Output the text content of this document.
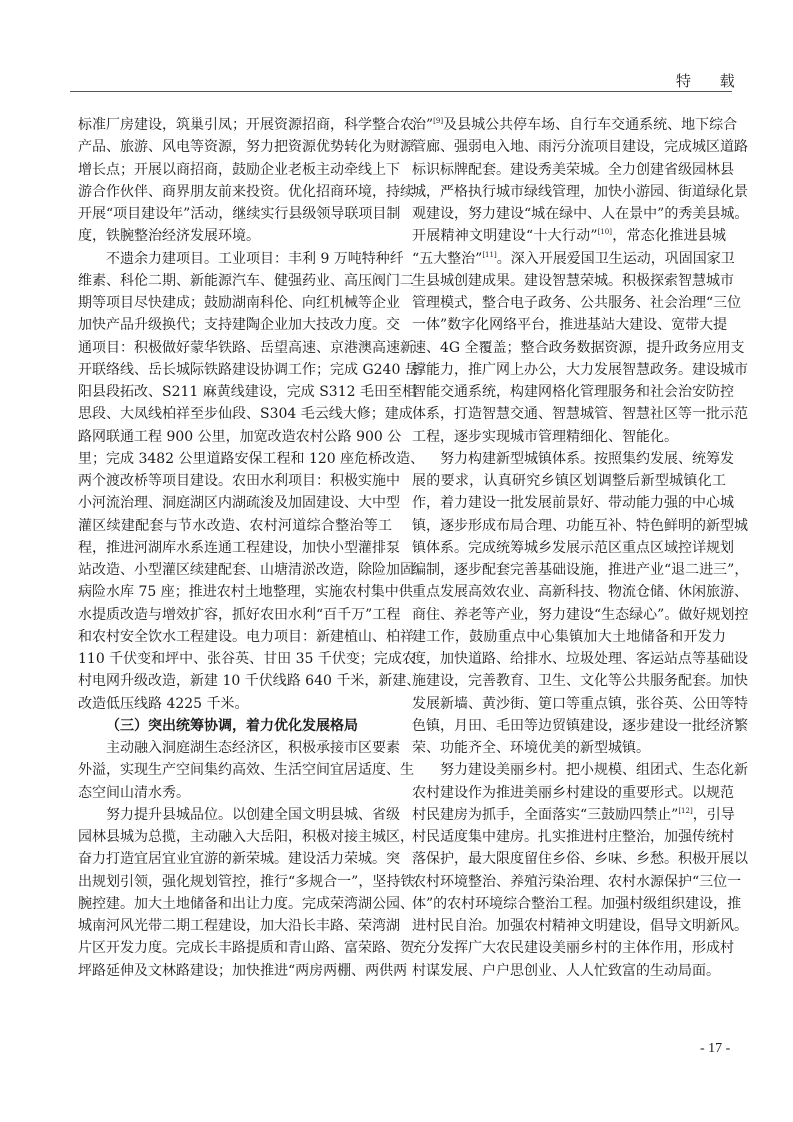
特 载
标准厂房建设，筑巢引凤；开展资源招商，科学整合农
产品、旅游、风电等资源，努力把资源优势转化为财源
增长点；开展以商招商，鼓励企业老板主动牵线上下
游合作伙伴、商界朋友前来投资。优化招商环境，持续
开展“项目建设年”活动，继续实行县级领导联项目制
度，铁腕整治经济发展环境。
不遗余力建项目。工业项目：丰利 9 万吨特种纤
维素、科伦二期、新能源汽车、健强药业、高压阀门二
期等项目尽快建成；鼓励湖南科伦、向红机械等企业
加快产品升级换代；支持建陶企业加大技改力度。交
通项目：积极做好蒙华铁路、岳望高速、京港澳高速新
开联络线、岳长城际铁路建设协调工作；完成 G240 岳
阳县段拓改、S211 麻黄线建设，完成 S312 毛田至相
思段、大凤线柏祥至步仙段、S304 毛云线大修；建成
路网联通工程 900 公里，加宽改造农村公路 900 公
里；完成 3482 公里道路安保工程和 120 座危桥改造、
两个渡改桥等项目建设。农田水利项目：积极实施中
小河流治理、洞庭湖区内湖疏浚及加固建设、大中型
灌区续建配套与节水改造、农村河道综合整治等工
程，推进河湖库水系连通工程建设，加快小型灌排泵
站改造、小型灌区续建配套、山塘清淤改造，除险加固
病险水库 75 座；推进农村土地整理，实施农村集中供
水提质改造与增效扩容，抓好农田水利“百千万”工程
和农村安全饮水工程建设。电力项目：新建植山、柏祥
110 千伏变和坪中、张谷英、甘田 35 千伏变；完成农
村电网升级改造，新建 10 千伏线路 640 千米，新建、
改造低压线路 4225 千米。
（三）突出统筹协调，着力优化发展格局
主动融入洞庭湖生态经济区，积极承接市区要素
外溢，实现生产空间集约高效、生活空间宜居适度、生
态空间山清水秀。
努力提升县城品位。以创建全国文明县城、省级
园林县城为总揽，主动融入大岳阳，积极对接主城区，
奋力打造宜居宜业宜游的新荣城。建设活力荣城。突
出规划引领，强化规划管控，推行“多规合一”，坚持铁
腕控建。加大土地储备和出让力度。完成荣湾湖公园、
城南河风光带二期工程建设，加大沿长丰路、荣湾湖
片区开发力度。完成长丰路提质和青山路、富荣路、贺
坪路延伸及文林路建设；加快推进“两房两棚、两供两
治”[9]及县城公共停车场、自行车交通系统、地下综合
管廊、强弱电入地、雨污分流项目建设，完成城区道路
标识标牌配套。建设秀美荣城。全力创建省级园林县
城，严格执行城市绿线管理，加快小游园、街道绿化景
观建设，努力建设“城在绿中、人在景中”的秀美县城。
开展精神文明建设“十大行动”[10]，常态化推进县城
“五大整治”[11]。深入开展爱国卫生运动，巩固国家卫
生县城创建成果。建设智慧荣城。积极探索智慧城市
管理模式，整合电子政务、公共服务、社会治理“三位
一体”数字化网络平台，推进基站大建设、宽带大提
速、4G 全覆盖；整合政务数据资源，提升政务应用支
撑能力，推广网上办公，大力发展智慧政务。建设城市
智能交通系统，构建网格化管理服务和社会治安防控
体系，打造智慧交通、智慧城管、智慧社区等一批示范
工程，逐步实现城市管理精细化、智能化。
努力构建新型城镇体系。按照集约发展、统筹发
展的要求，认真研究乡镇区划调整后新型城镇化工
作，着力建设一批发展前景好、带动能力强的中心城
镇，逐步形成布局合理、功能互补、特色鲜明的新型城
镇体系。完成统筹城乡发展示范区重点区域控详规划
编制，逐步配套完善基础设施，推进产业“退二进三”，
重点发展高效农业、高新科技、物流仓储、休闲旅游、
商住、养老等产业，努力建设“生态绿心”。做好规划控
建工作，鼓励重点中心集镇加大土地储备和开发力
度，加快道路、给排水、垃圾处理、客运站点等基础设
施建设，完善教育、卫生、文化等公共服务配套。加快
发展新墙、黄沙街、筻口等重点镇，张谷英、公田等特
色镇，月田、毛田等边贸镇建设，逐步建设一批经济繁
荣、功能齐全、环境优美的新型城镇。
努力建设美丽乡村。把小规模、组团式、生态化新
农村建设作为推进美丽乡村建设的重要形式。以规范
村民建房为抓手，全面落实“三鼓励四禁止”[12]，引导
村民适度集中建房。扎实推进村庄整治，加强传统村
落保护，最大限度留住乡俗、乡味、乡愁。积极开展以
农村环境整治、养殖污染治理、农村水源保护“三位一
体”的农村环境综合整治工程。加强村级组织建设，推
进村民自治。加强农村精神文明建设，倡导文明新风。
充分发挥广大农民建设美丽乡村的主体作用，形成村
村谋发展、户户思创业、人人忙致富的生动局面。
- 17 -
